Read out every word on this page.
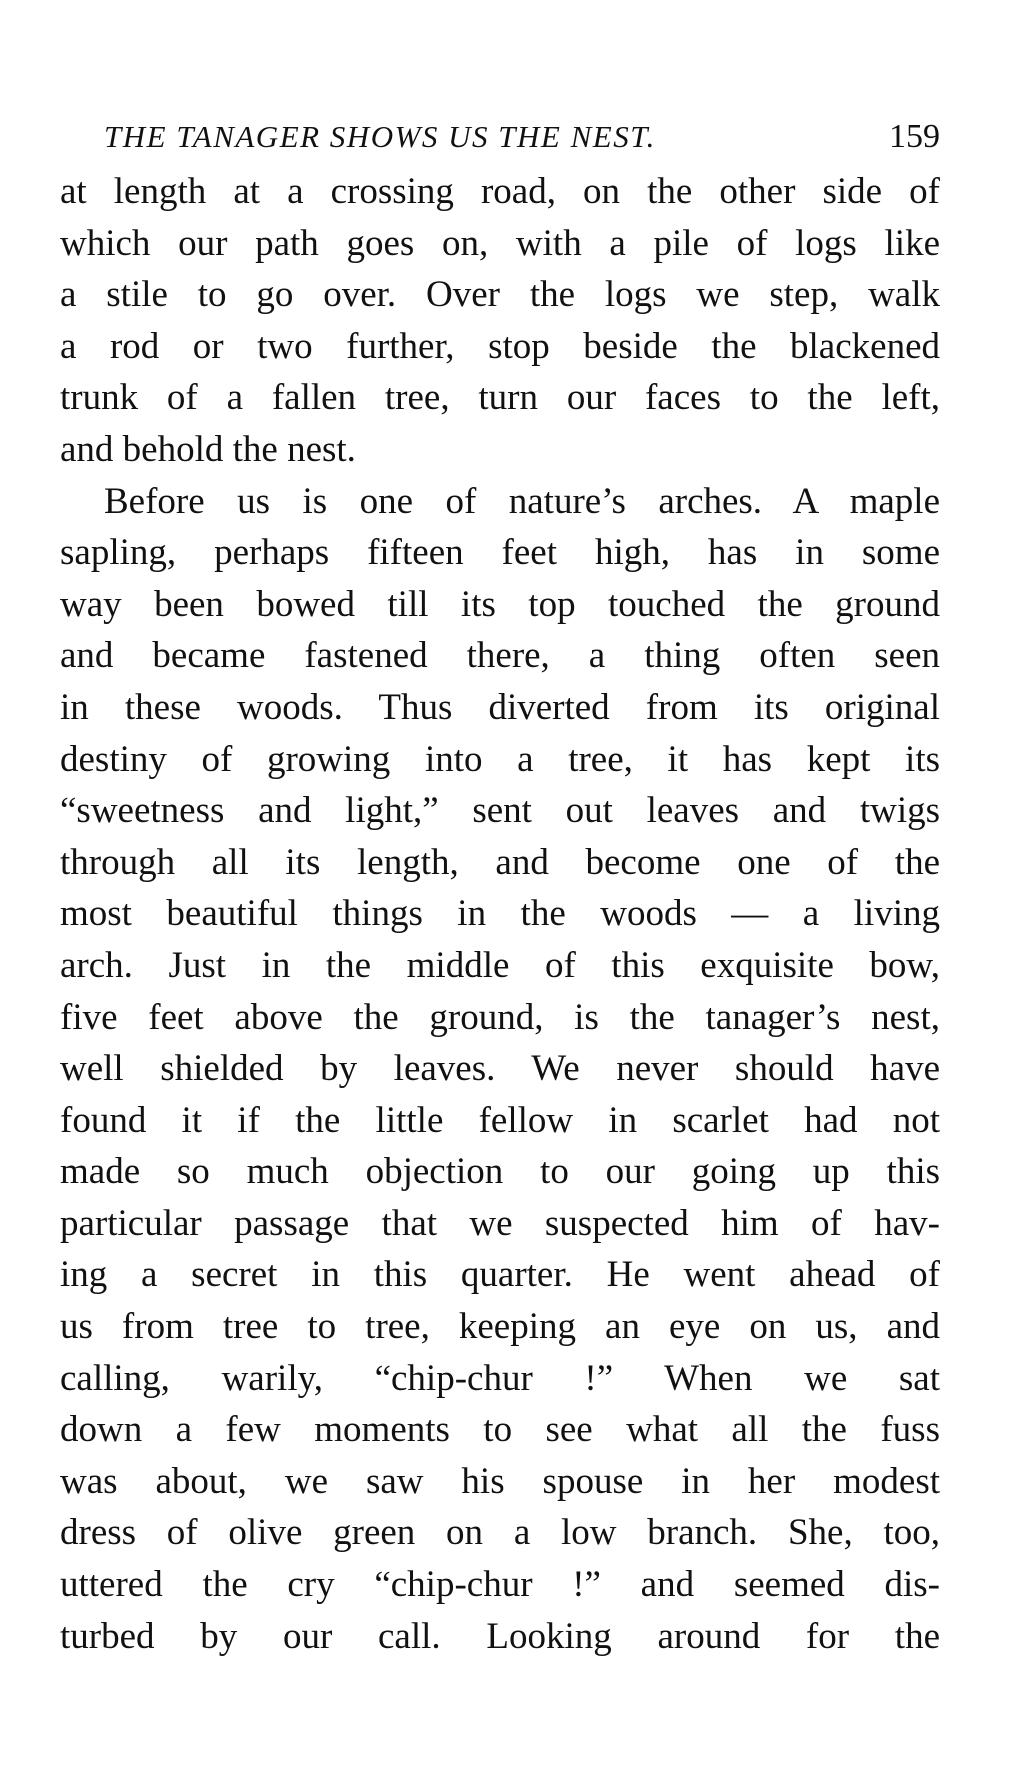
THE TANAGER SHOWS US THE NEST.	159
at length at a crossing road, on the other side of
which our path goes on, with a pile of logs like
a stile to go over. Over the logs we step, walk
a rod or two further, stop beside the blackened
trunk of a fallen tree, turn our faces to the left,
and behold the nest.
Before us is one of nature’s arches. A maple
sapling, perhaps fifteen feet high, has in some
way been bowed till its top touched the ground
and became fastened there, a thing often seen
in these woods. Thus diverted from its original
destiny of growing into a tree, it has kept its
“sweetness and light,” sent out leaves and twigs
through all its length, and become one of the
most beautiful things in the woods — a living
arch. Just in the middle of this exquisite bow,
five feet above the ground, is the tanager’s nest,
well shielded by leaves. We never should have
found it if the little fellow in scarlet had not
made so much objection to our going up this
particular passage that we suspected him of hav-
ing a secret in this quarter. He went ahead of
us from tree to tree, keeping an eye on us, and
calling, warily, “chip-chur !” When we sat
down a few moments to see what all the fuss
was about, we saw his spouse in her modest
dress of olive green on a low branch. She, too,
uttered the cry “chip-chur !” and seemed dis-
turbed by our call. Looking around for the
